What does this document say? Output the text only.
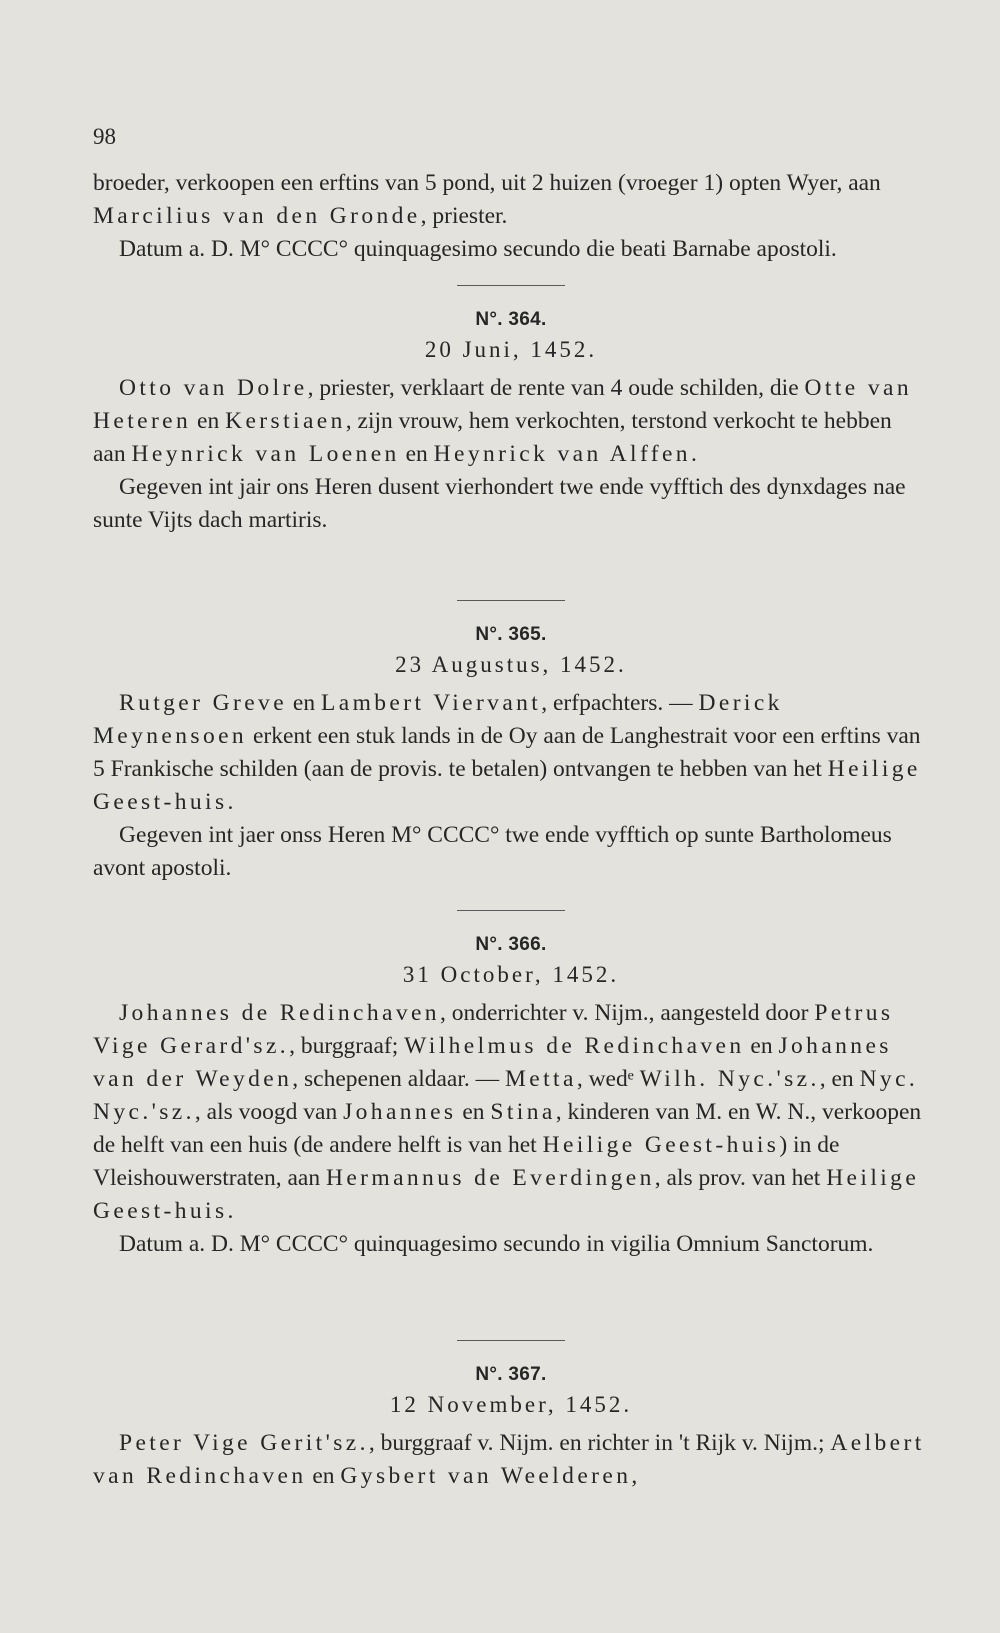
98

broeder, verkoopen een erftins van 5 pond, uit 2 huizen (vroeger 1) opten Wyer, aan Marcilius van den Gronde, priester.

Datum a. D. M° CCCC° quinquagesimo secundo die beati Barnabe apostoli.

N°. 364.

20 Juni, 1452.

Otto van Dolre, priester, verklaart de rente van 4 oude schilden, die Otte van Heteren en Kerstiaen, zijn vrouw, hem verkochten, terstond verkocht te hebben aan Heynrick van Loenen en Heynrick van Alffen.

Gegeven int jair ons Heren dusent vierhondert twe ende vyfftich des dynxdages nae sunte Vijts dach martiris.

N°. 365.

23 Augustus, 1452.

Rutger Greve en Lambert Viervant, erfpachters. — Derick Meynensoen erkent een stuk lands in de Oy aan de Langhestrait voor een erftins van 5 Frankische schilden (aan de provis. te betalen) ontvangen te hebben van het Heilige Geest-huis.

Gegeven int jaer onss Heren M° CCCC° twe ende vyfftich op sunte Bartholomeus avont apostoli.

N°. 366.

31 October, 1452.

Johannes de Redinchaven, onderrichter v. Nijm., aangesteld door Petrus Vige Gerard'sz., burggraaf; Wilhelmus de Redinchaven en Johannes van der Weyden, schepenen aldaar. — Metta, wedᵉ Wilh. Nyc.'sz., en Nyc. Nyc.'sz., als voogd van Johannes en Stina, kinderen van M. en W. N., verkoopen de helft van een huis (de andere helft is van het Heilige Geest-huis) in de Vleishouwerstraten, aan Hermannus de Everdingen, als prov. van het Heilige Geest-huis.

Datum a. D. M° CCCC° quinquagesimo secundo in vigilia Omnium Sanctorum.

N°. 367.

12 November, 1452.

Peter Vige Gerit'sz., burggraaf v. Nijm. en richter in 't Rijk v. Nijm.; Aelbert van Redinchaven en Gysbert van Weelderen,
